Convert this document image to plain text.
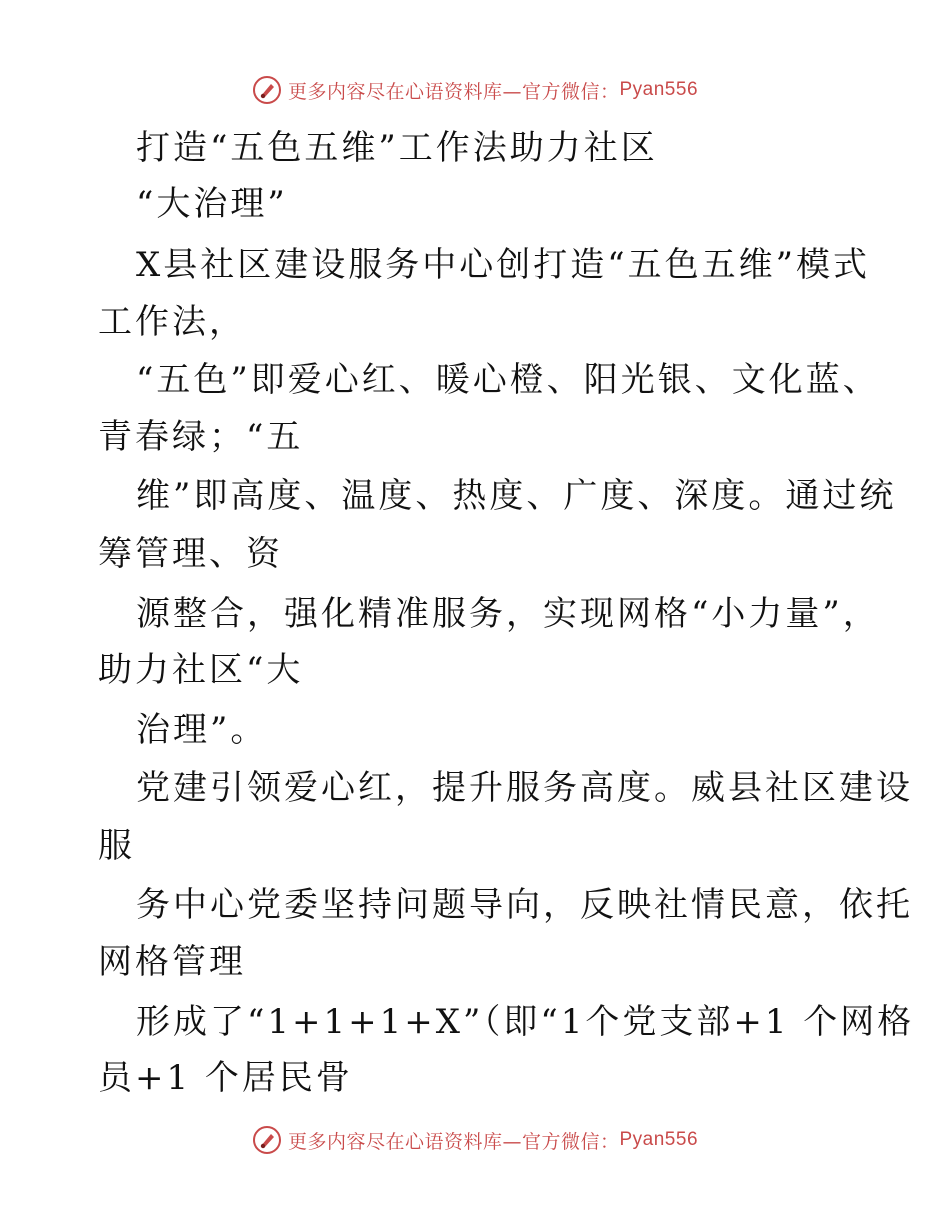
更多内容尽在心语资料库—官方微信： Pyan556
打造“五色五维”工作法助力社区
“大治理”
X县社区建设服务中心创打造“五色五维”模式
工作法，
“五色”即爱心红、暖心橙、阳光银、文化蓝、
青春绿；“五
维”即高度、温度、热度、广度、深度。通过统
筹管理、资
源整合，强化精准服务，实现网格“小力量”，
助力社区“大
治理”。
党建引领爱心红，提升服务高度。威县社区建设
服
务中心党委坚持问题导向，反映社情民意，依托
网格管理
形成了“1+1+1+X”（即“1个党支部+1 个网格
员+1 个居民骨
更多内容尽在心语资料库—官方微信： Pyan556
